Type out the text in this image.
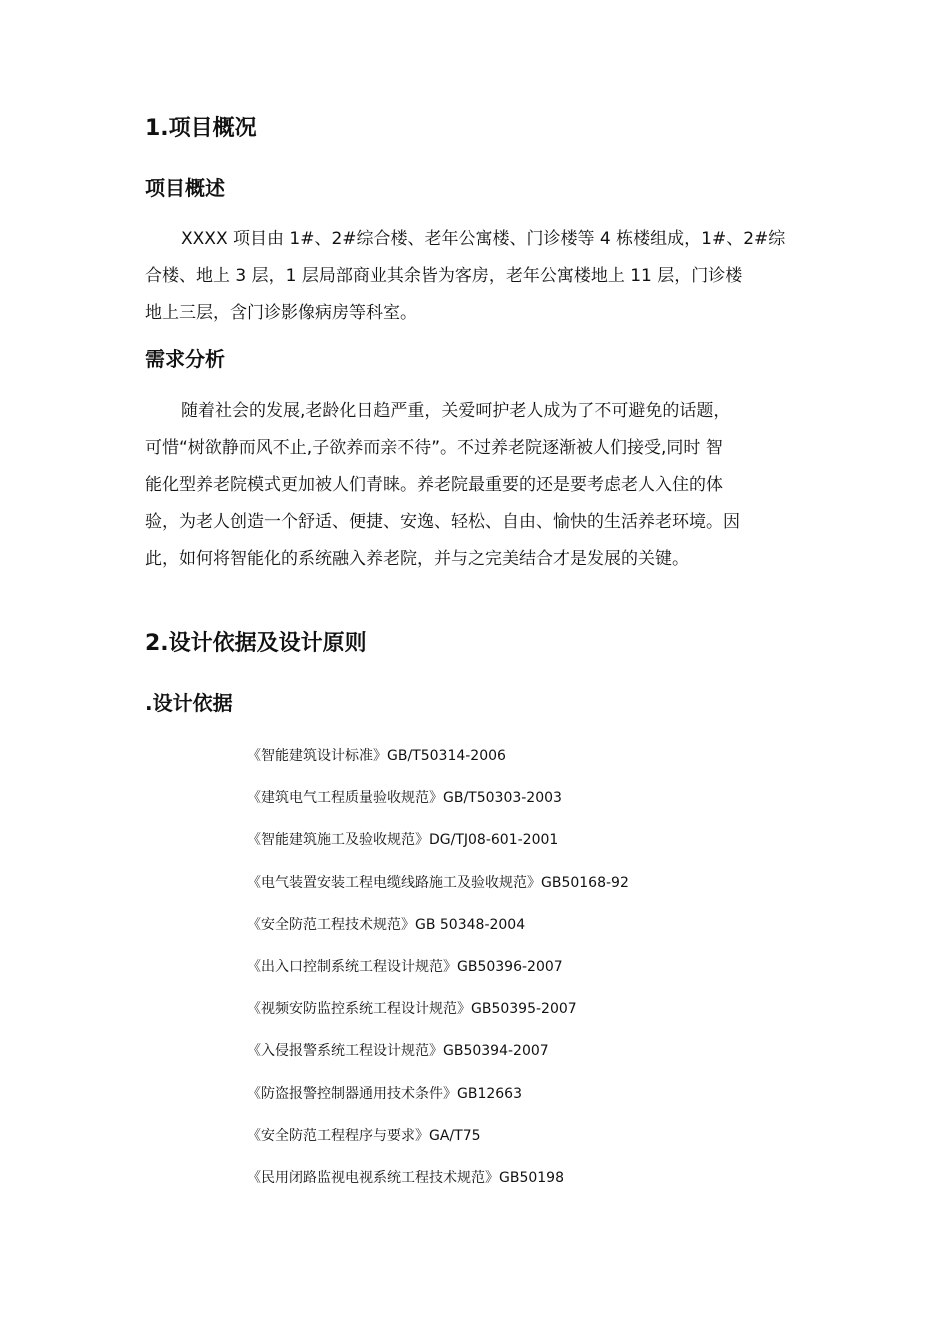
1.项目概况
项目概述
XXXX 项目由 1#、2#综合楼、老年公寓楼、门诊楼等 4 栋楼组成，1#、2#综
合楼、地上 3 层，1 层局部商业其余皆为客房，老年公寓楼地上 11 层，门诊楼
地上三层，含门诊影像病房等科室。
需求分析
随着社会的发展,老龄化日趋严重，关爱呵护老人成为了不可避免的话题，
可惜“树欲静而风不止,子欲养而亲不待”。不过养老院逐渐被人们接受,同时 智
能化型养老院模式更加被人们青睐。养老院最重要的还是要考虑老人入住的体
验，为老人创造一个舒适、便捷、安逸、轻松、自由、愉快的生活养老环境。因
此，如何将智能化的系统融入养老院，并与之完美结合才是发展的关键。
2.设计依据及设计原则
.设计依据
《智能建筑设计标准》GB/T50314-2006
《建筑电气工程质量验收规范》GB/T50303-2003
《智能建筑施工及验收规范》DG/TJ08-601-2001
《电气装置安装工程电缆线路施工及验收规范》GB50168-92
《安全防范工程技术规范》GB 50348-2004
《出入口控制系统工程设计规范》GB50396-2007
《视频安防监控系统工程设计规范》GB50395-2007
《入侵报警系统工程设计规范》GB50394-2007
《防盗报警控制器通用技术条件》GB12663
《安全防范工程程序与要求》GA/T75
《民用闭路监视电视系统工程技术规范》GB50198
